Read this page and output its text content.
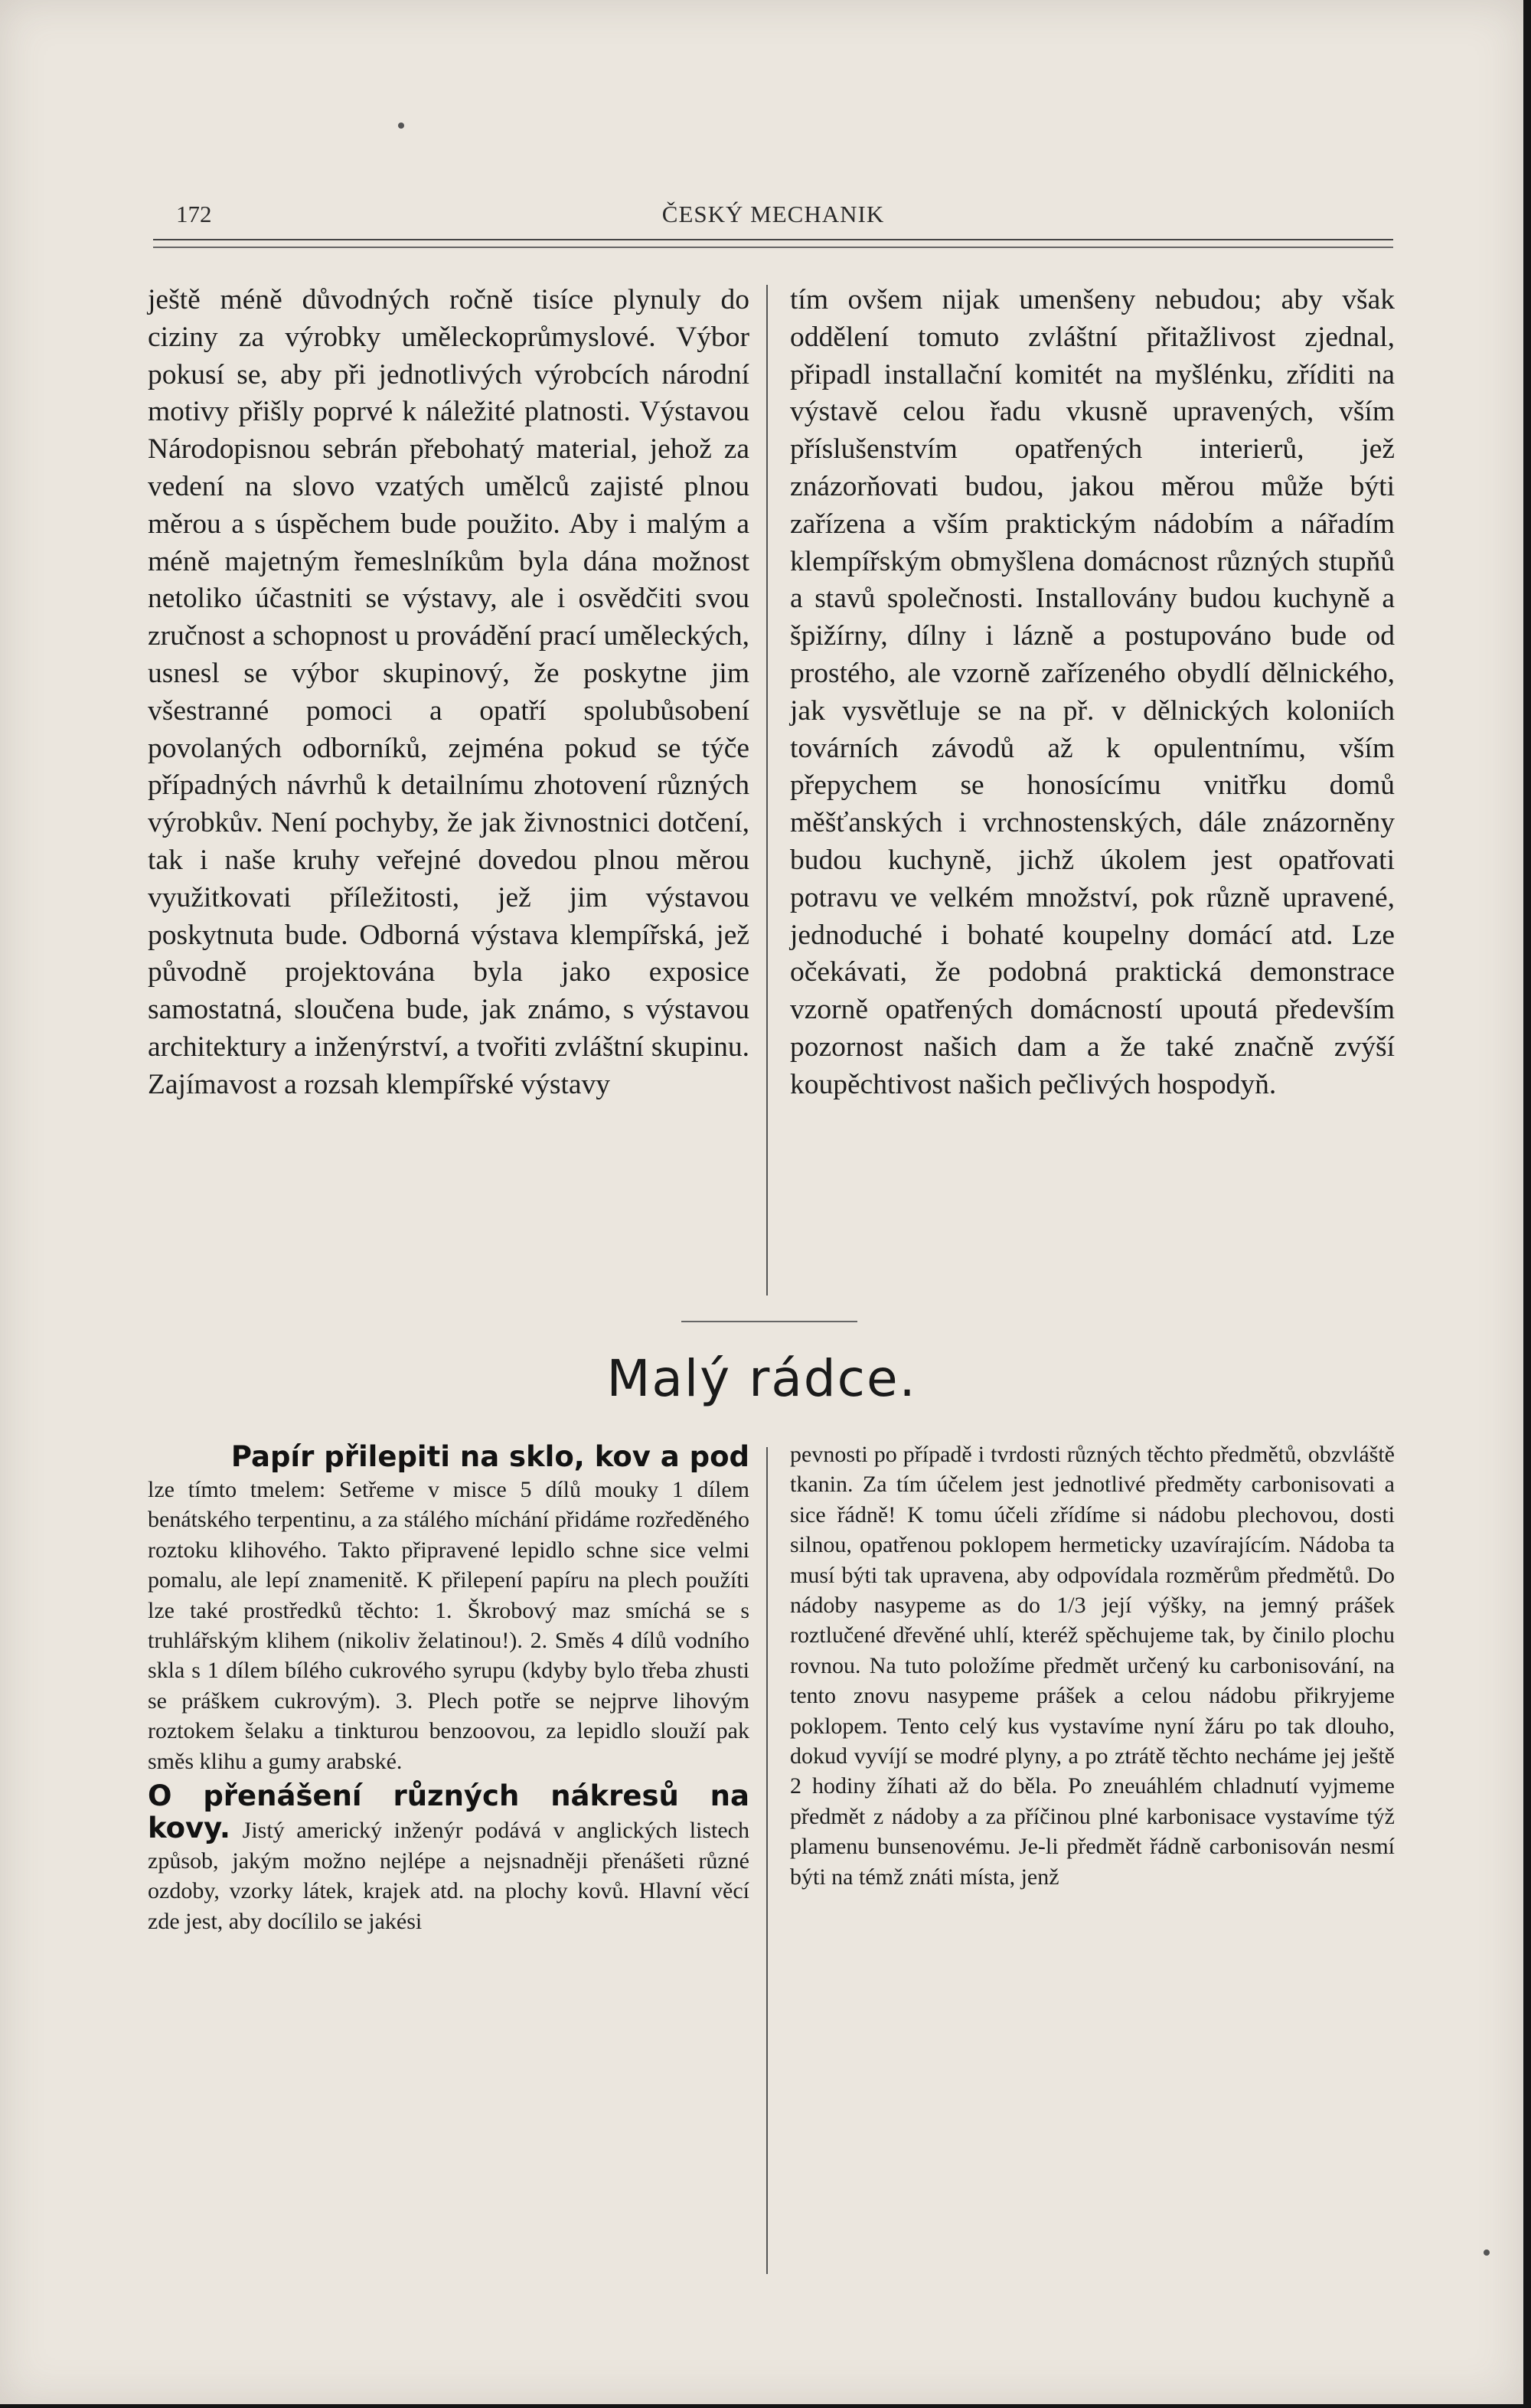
172	ČESKÝ MECHANIK

ještě méně důvodných ročně tisíce plynuly do ciziny za výrobky uměleckoprůmyslové. Výbor pokusí se, aby při jednotlivých výrobcích národní motivy přišly poprvé k náležité platnosti. Výstavou Národopisnou sebrán přebohatý material, jehož za vedení na slovo vzatých umělců zajisté plnou měrou a s úspěchem bude použito. Aby i malým a méně majetným řemeslníkům byla dána možnost netoliko účastniti se výstavy, ale i osvědčiti svou zručnost a schopnost u provádění prací uměleckých, usnesl se výbor skupinový, že poskytne jim všestranné pomoci a opatří spolubůsobení povolaných odborníků, zejména pokud se týče případných návrhů k detailnímu zhotovení různých výrobkův. Není pochyby, že jak živnostnici dotčení, tak i naše kruhy veřejné dovedou plnou měrou využitkovati příležitosti, jež jim výstavou poskytnuta bude. Odborná výstava klempířská, jež původně projektována byla jako exposice samostatná, sloučena bude, jak známo, s výstavou architektury a inženýrství, a tvořiti zvláštní skupinu. Zajímavost a rozsah klempířské výstavy

tím ovšem nijak umenšeny nebudou; aby však oddělení tomuto zvláštní přitažlivost zjednal, připadl installační komitét na myšlénku, zříditi na výstavě celou řadu vkusně upravených, vším příslušenstvím opatřených interierů, jež znázorňovati budou, jakou měrou může býti zařízena a vším praktickým nádobím a nářadím klempířským obmyšlena domácnost různých stupňů a stavů společnosti. Installovány budou kuchyně a špižírny, dílny i lázně a postupováno bude od prostého, ale vzorně zařízeného obydlí dělnického, jak vysvětluje se na př. v dělnických koloniích továrních závodů až k opulentnímu, vším přepychem se honosícímu vnitřku domů měšťanských i vrchnostenských, dále znázorněny budou kuchyně, jichž úkolem jest opatřovati potravu ve velkém množství, pok různě upravené, jednoduché i bohaté koupelny domácí atd. Lze očekávati, že podobná praktická demonstrace vzorně opatřených domácností upoutá především pozornost našich dam a že také značně zvýší koupěchtivost našich pečlivých hospodyň.

Malý rádce.
Papír přilepiti na sklo, kov a pod

lze tímto tmelem: Setřeme v misce 5 dílů mouky 1 dílem benátského terpentinu, a za stálého míchání přidáme rozředěného roztoku klihového. Takto připravené lepidlo schne sice velmi pomalu, ale lepí znamenitě. K přilepení papíru na plech použíti lze také prostředků těchto: 1. Škrobový maz smíchá se s truhlářským klihem (nikoliv želatinou!). 2. Směs 4 dílů vodního skla s 1 dílem bílého cukrového syrupu (kdyby bylo třeba zhusti se práškem cukrovým). 3. Plech potře se nejprve lihovým roztokem šelaku a tinkturou benzoovou, za lepidlo slouží pak směs klihu a gumy arabské.

O přenášení různých nákresů na kovy. Jistý americký inženýr podává v anglických listech způsob, jakým možno nejlépe a nejsnadněji přenášeti různé ozdoby, vzorky látek, krajek atd. na plochy kovů. Hlavní věcí zde jest, aby docílilo se jakési

pevnosti po případě i tvrdosti různých těchto předmětů, obzvláště tkanin. Za tím účelem jest jednotlivé předměty carbonisovati a sice řádně! K tomu účeli zřídíme si nádobu plechovou, dosti silnou, opatřenou poklopem hermeticky uzavírajícím. Nádoba ta musí býti tak upravena, aby odpovídala rozměrům předmětů. Do nádoby nasypeme as do 1/3 její výšky, na jemný prášek roztlučené dřevěné uhlí, kteréž spěchujeme tak, by činilo plochu rovnou. Na tuto položíme předmět určený ku carbonisování, na tento znovu nasypeme prášek a celou nádobu přikryjeme poklopem. Tento celý kus vystavíme nyní žáru po tak dlouho, dokud vyvíjí se modré plyny, a po ztrátě těchto necháme jej ještě 2 hodiny žíhati až do běla. Po zneuáhlém chladnutí vyjmeme předmět z nádoby a za příčinou plné karbonisace vystavíme týž plamenu bunsenovému. Je-li předmět řádně carbonisován nesmí býti na témž znáti místa, jenž
